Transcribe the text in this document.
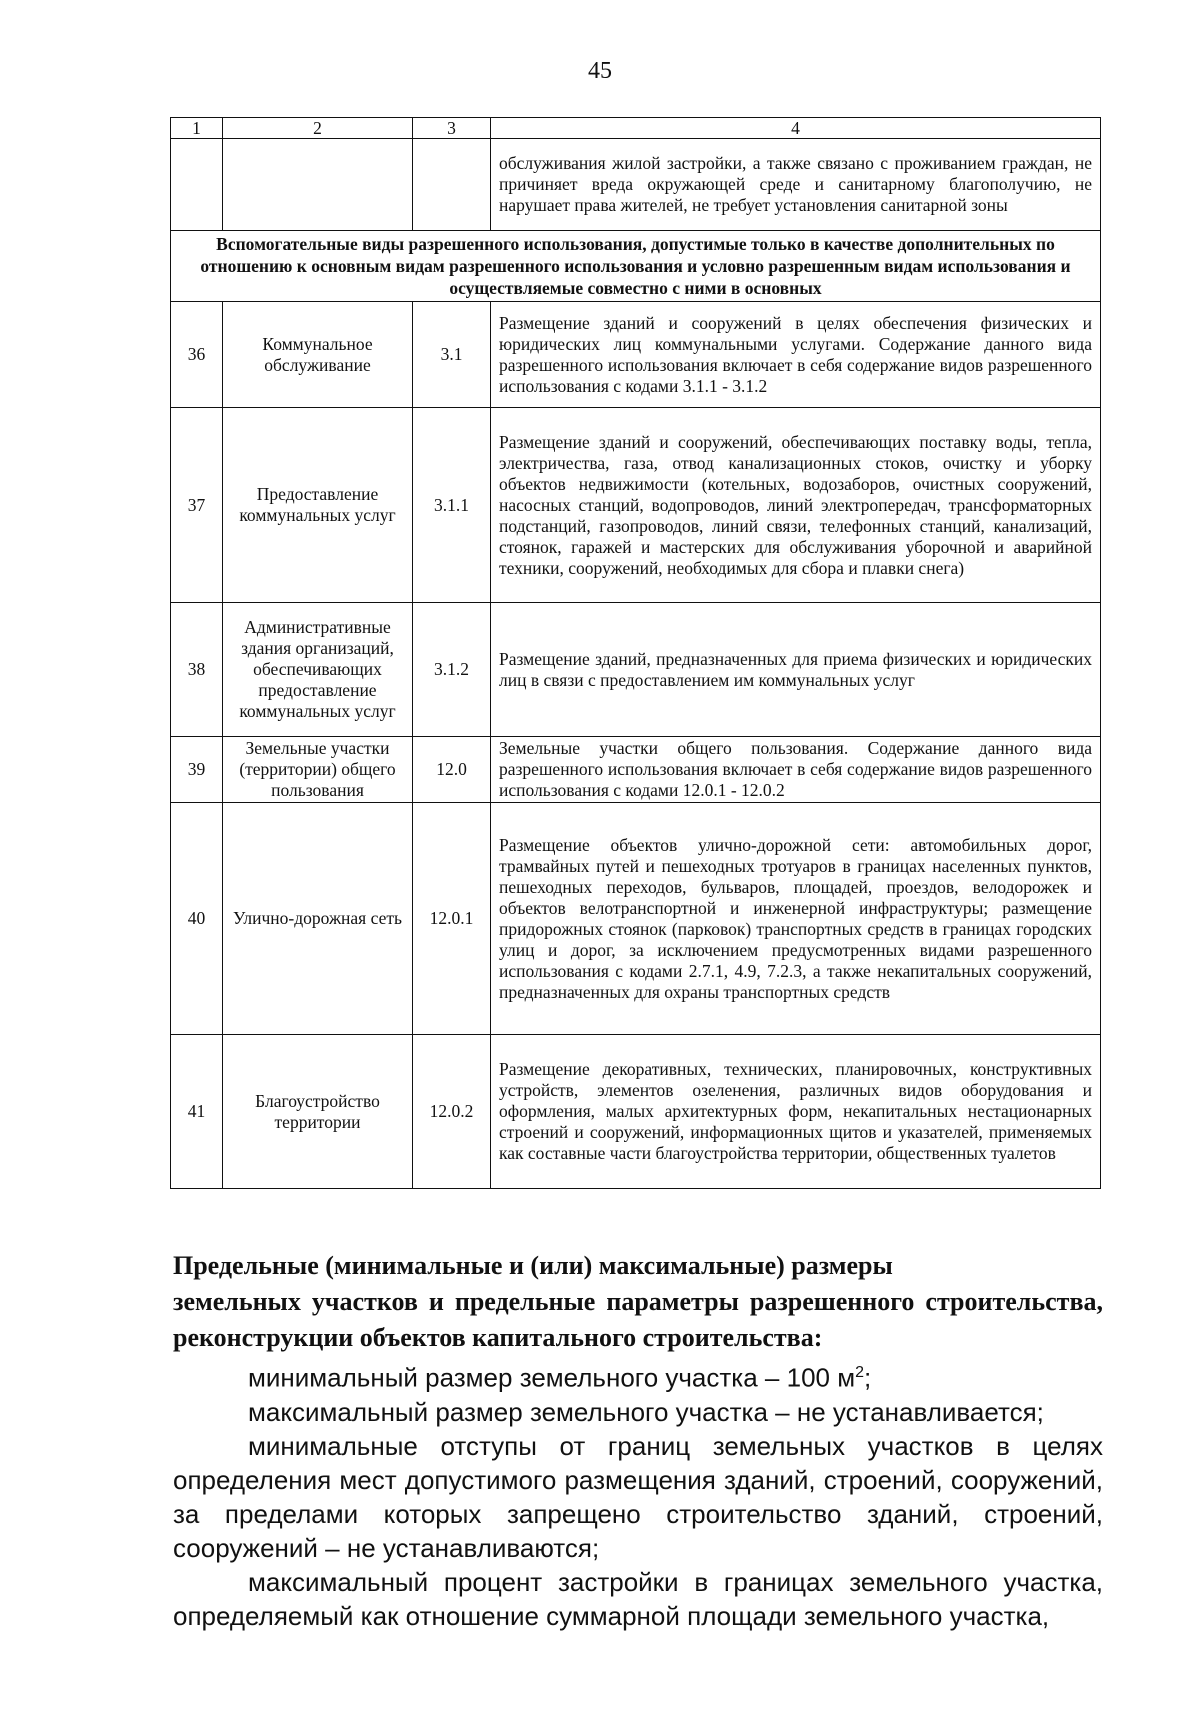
45
1	2	3	4
			обслуживания жилой застройки, а также связано с проживанием граждан, не причиняет вреда окружающей среде и санитарному благополучию, не нарушает права жителей, не требует установления санитарной зоны
Вспомогательные виды разрешенного использования, допустимые только в качестве дополнительных по отношению к основным видам разрешенного использования и условно разрешенным видам использования и осуществляемые совместно с ними в основных			
36	Коммунальное обслуживание	3.1	Размещение зданий и сооружений в целях обеспечения физических и юридических лиц коммунальными услугами. Содержание данного вида разрешенного использования включает в себя содержание видов разрешенного использования с кодами 3.1.1 - 3.1.2
37	Предоставление коммунальных услуг	3.1.1	Размещение зданий и сооружений, обеспечивающих поставку воды, тепла, электричества, газа, отвод канализационных стоков, очистку и уборку объектов недвижимости (котельных, водозаборов, очистных сооружений, насосных станций, водопроводов, линий электропередач, трансформаторных подстанций, газопроводов, линий связи, телефонных станций, канализаций, стоянок, гаражей и мастерских для обслуживания уборочной и аварийной техники, сооружений, необходимых для сбора и плавки снега)
38	Административные здания организаций, обеспечивающих предоставление коммунальных услуг	3.1.2	Размещение зданий, предназначенных для приема физических и юридических лиц в связи с предоставлением им коммунальных услуг
39	Земельные участки (территории) общего пользования	12.0	Земельные участки общего пользования. Содержание данного вида разрешенного использования включает в себя содержание видов разрешенного использования с кодами 12.0.1 - 12.0.2
40	Улично-дорожная сеть	12.0.1	Размещение объектов улично-дорожной сети: автомобильных дорог, трамвайных путей и пешеходных тротуаров в границах населенных пунктов, пешеходных переходов, бульваров, площадей, проездов, велодорожек и объектов велотранспортной и инженерной инфраструктуры; размещение придорожных стоянок (парковок) транспортных средств в границах городских улиц и дорог, за исключением предусмотренных видами разрешенного использования с кодами 2.7.1, 4.9, 7.2.3, а также некапитальных сооружений, предназначенных для охраны транспортных средств
41	Благоустройство территории	12.0.2	Размещение декоративных, технических, планировочных, конструктивных устройств, элементов озеленения, различных видов оборудования и оформления, малых архитектурных форм, некапитальных нестационарных строений и сооружений, информационных щитов и указателей, применяемых как составные части благоустройства территории, общественных туалетов
Предельные (минимальные и (или) максимальные) размеры
земельных участков и предельные параметры разрешенного строительства, реконструкции объектов капитального строительства:

минимальный размер земельного участка – 100 $м^2$;

максимальный размер земельного участка – не устанавливается;

минимальные отступы от границ земельных участков в целях определения мест допустимого размещения зданий, строений, сооружений, за пределами которых запрещено строительство зданий, строений, сооружений – не устанавливаются;

максимальный процент застройки в границах земельного участка, определяемый как отношение суммарной площади земельного участка,
